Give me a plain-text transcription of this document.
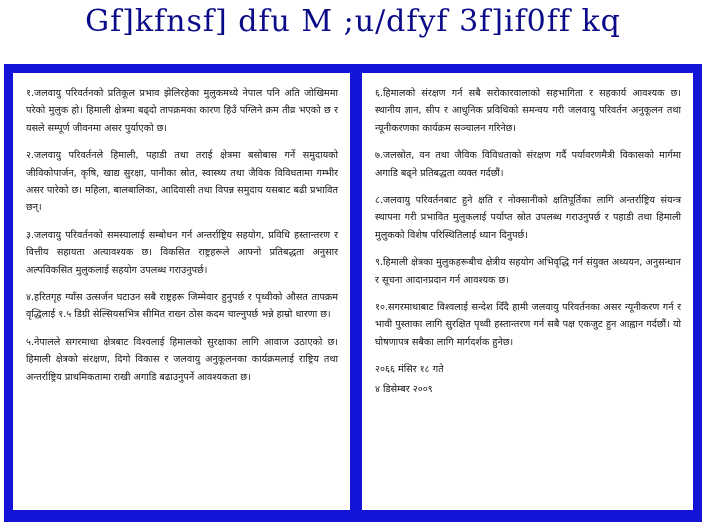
Gf]kfnsf] dfu M ;u/dfyf 3f]if0ff kq

१.जलवायु परिवर्तनको प्रतिकूल प्रभाव झेलिरहेका मुलुकमध्ये नेपाल पनि अति जोखिममा परेको मुलुक हो। हिमाली क्षेत्रमा बढ्दो तापक्रमका कारण हिउँ पग्लिने क्रम तीव्र भएको छ र यसले सम्पूर्ण जीवनमा असर पुर्याएको छ।

२.जलवायु परिवर्तनले हिमाली, पहाडी तथा तराई क्षेत्रमा बसोबास गर्ने समुदायको जीविकोपार्जन, कृषि, खाद्य सुरक्षा, पानीका स्रोत, स्वास्थ्य तथा जैविक विविधतामा गम्भीर असर पारेको छ। महिला, बालबालिका, आदिवासी तथा विपन्न समुदाय यसबाट बढी प्रभावित छन्।

३.जलवायु परिवर्तनको समस्यालाई सम्बोधन गर्न अन्तर्राष्ट्रिय सहयोग, प्रविधि हस्तान्तरण र वित्तीय सहायता अत्यावश्यक छ। विकसित राष्ट्रहरूले आफ्नो प्रतिबद्धता अनुसार अल्पविकसित मुलुकलाई सहयोग उपलब्ध गराउनुपर्छ।

४.हरितगृह ग्याँस उत्सर्जन घटाउन सबै राष्ट्रहरू जिम्मेवार हुनुपर्छ र पृथ्वीको औसत तापक्रम वृद्धिलाई १.५ डिग्री सेल्सियसभित्र सीमित राख्न ठोस कदम चाल्नुपर्छ भन्ने हाम्रो धारणा छ।

५.नेपालले सगरमाथा क्षेत्रबाट विश्वलाई हिमालको सुरक्षाका लागि आवाज उठाएको छ। हिमाली क्षेत्रको संरक्षण, दिगो विकास र जलवायु अनुकूलनका कार्यक्रमलाई राष्ट्रिय तथा अन्तर्राष्ट्रिय प्राथमिकतामा राखी अगाडि बढाउनुपर्ने आवश्यकता छ।

६.हिमालको संरक्षण गर्न सबै सरोकारवालाको सहभागिता र सहकार्य आवश्यक छ। स्थानीय ज्ञान, सीप र आधुनिक प्रविधिको समन्वय गरी जलवायु परिवर्तन अनुकूलन तथा न्यूनीकरणका कार्यक्रम सञ्चालन गरिनेछ।

७.जलस्रोत, वन तथा जैविक विविधताको संरक्षण गर्दै पर्यावरणमैत्री विकासको मार्गमा अगाडि बढ्ने प्रतिबद्धता व्यक्त गर्दछौं।

८.जलवायु परिवर्तनबाट हुने क्षति र नोक्सानीको क्षतिपूर्तिका लागि अन्तर्राष्ट्रिय संयन्त्र स्थापना गरी प्रभावित मुलुकलाई पर्याप्त स्रोत उपलब्ध गराउनुपर्छ र पहाडी तथा हिमाली मुलुकको विशेष परिस्थितिलाई ध्यान दिनुपर्छ।

९.हिमाली क्षेत्रका मुलुकहरूबीच क्षेत्रीय सहयोग अभिवृद्धि गर्न संयुक्त अध्ययन, अनुसन्धान र सूचना आदानप्रदान गर्न आवश्यक छ।

१०.सगरमाथाबाट विश्वलाई सन्देश दिँदै हामी जलवायु परिवर्तनका असर न्यूनीकरण गर्न र भावी पुस्ताका लागि सुरक्षित पृथ्वी हस्तान्तरण गर्न सबै पक्ष एकजुट हुन आह्वान गर्दछौं। यो घोषणापत्र सबैका लागि मार्गदर्शक हुनेछ।

२०६६ मंसिर १८ गते

४ डिसेम्बर २००९
